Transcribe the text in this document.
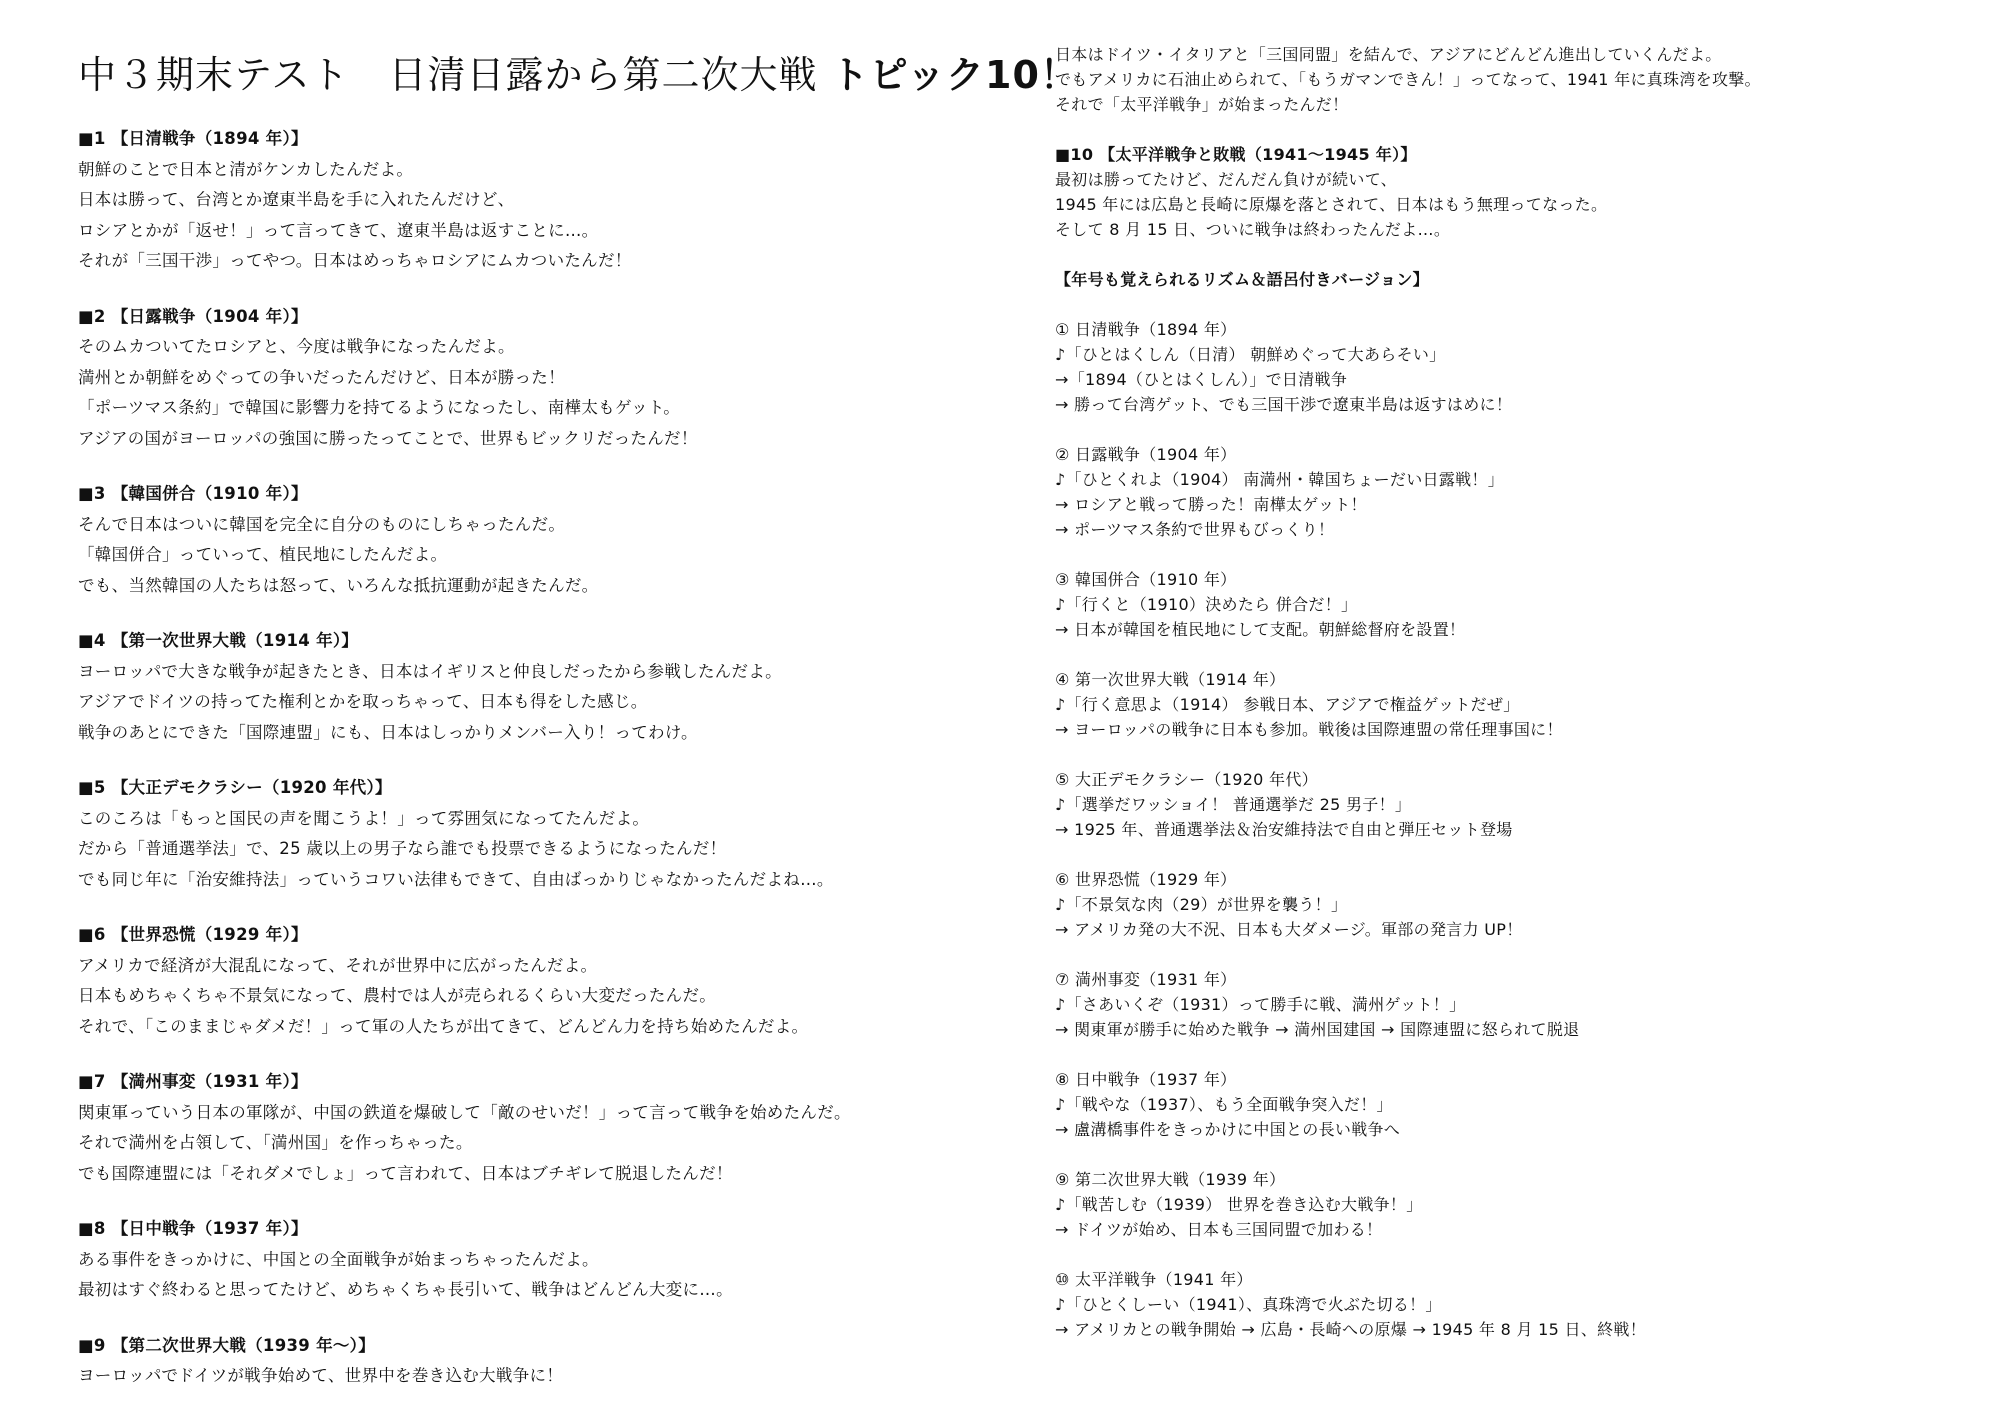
中３期末テスト　日清日露から第二次大戦 トピック10！
■1 【日清戦争（1894 年）】
朝鮮のことで日本と清がケンカしたんだよ。
日本は勝って、台湾とか遼東半島を手に入れたんだけど、
ロシアとかが「返せ！」って言ってきて、遼東半島は返すことに…。
それが「三国干渉」ってやつ。日本はめっちゃロシアにムカついたんだ！
■2 【日露戦争（1904 年）】
そのムカついてたロシアと、今度は戦争になったんだよ。
満州とか朝鮮をめぐっての争いだったんだけど、日本が勝った！
「ポーツマス条約」で韓国に影響力を持てるようになったし、南樺太もゲット。
アジアの国がヨーロッパの強国に勝ったってことで、世界もビックリだったんだ！
■3 【韓国併合（1910 年）】
そんで日本はついに韓国を完全に自分のものにしちゃったんだ。
「韓国併合」っていって、植民地にしたんだよ。
でも、当然韓国の人たちは怒って、いろんな抵抗運動が起きたんだ。
■4 【第一次世界大戦（1914 年）】
ヨーロッパで大きな戦争が起きたとき、日本はイギリスと仲良しだったから参戦したんだよ。
アジアでドイツの持ってた権利とかを取っちゃって、日本も得をした感じ。
戦争のあとにできた「国際連盟」にも、日本はしっかりメンバー入り！ってわけ。
■5 【大正デモクラシー（1920 年代）】
このころは「もっと国民の声を聞こうよ！」って雰囲気になってたんだよ。
だから「普通選挙法」で、25 歳以上の男子なら誰でも投票できるようになったんだ！
でも同じ年に「治安維持法」っていうコワい法律もできて、自由ばっかりじゃなかったんだよね…。
■6 【世界恐慌（1929 年）】
アメリカで経済が大混乱になって、それが世界中に広がったんだよ。
日本もめちゃくちゃ不景気になって、農村では人が売られるくらい大変だったんだ。
それで、「このままじゃダメだ！」って軍の人たちが出てきて、どんどん力を持ち始めたんだよ。
■7 【満州事変（1931 年）】
関東軍っていう日本の軍隊が、中国の鉄道を爆破して「敵のせいだ！」って言って戦争を始めたんだ。
それで満州を占領して、「満州国」を作っちゃった。
でも国際連盟には「それダメでしょ」って言われて、日本はブチギレて脱退したんだ！
■8 【日中戦争（1937 年）】
ある事件をきっかけに、中国との全面戦争が始まっちゃったんだよ。
最初はすぐ終わると思ってたけど、めちゃくちゃ長引いて、戦争はどんどん大変に…。
■9 【第二次世界大戦（1939 年～）】
ヨーロッパでドイツが戦争始めて、世界中を巻き込む大戦争に！
日本はドイツ・イタリアと「三国同盟」を結んで、アジアにどんどん進出していくんだよ。
でもアメリカに石油止められて、「もうガマンできん！」ってなって、1941 年に真珠湾を攻撃。
それで「太平洋戦争」が始まったんだ！
■10 【太平洋戦争と敗戦（1941～1945 年）】
最初は勝ってたけど、だんだん負けが続いて、
1945 年には広島と長崎に原爆を落とされて、日本はもう無理ってなった。
そして 8 月 15 日、ついに戦争は終わったんだよ…。
【年号も覚えられるリズム＆語呂付きバージョン】
① 日清戦争（1894 年）
♪「ひとはくしん（日清） 朝鮮めぐって大あらそい」
→「1894（ひとはくしん）」で日清戦争
→ 勝って台湾ゲット、でも三国干渉で遼東半島は返すはめに！
② 日露戦争（1904 年）
♪「ひとくれよ（1904） 南満州・韓国ちょーだい日露戦！」
→ ロシアと戦って勝った！南樺太ゲット！
→ ポーツマス条約で世界もびっくり！
③ 韓国併合（1910 年）
♪「行くと（1910）決めたら 併合だ！」
→ 日本が韓国を植民地にして支配。朝鮮総督府を設置！
④ 第一次世界大戦（1914 年）
♪「行く意思よ（1914） 参戦日本、アジアで権益ゲットだぜ」
→ ヨーロッパの戦争に日本も参加。戦後は国際連盟の常任理事国に！
⑤ 大正デモクラシー（1920 年代）
♪「選挙だワッショイ！ 普通選挙だ 25 男子！」
→ 1925 年、普通選挙法＆治安維持法で自由と弾圧セット登場
⑥ 世界恐慌（1929 年）
♪「不景気な肉（29）が世界を襲う！」
→ アメリカ発の大不況、日本も大ダメージ。軍部の発言力 UP！
⑦ 満州事変（1931 年）
♪「さあいくぞ（1931）って勝手に戦、満州ゲット！」
→ 関東軍が勝手に始めた戦争 → 満州国建国 → 国際連盟に怒られて脱退
⑧ 日中戦争（1937 年）
♪「戦やな（1937）、もう全面戦争突入だ！」
→ 盧溝橋事件をきっかけに中国との長い戦争へ
⑨ 第二次世界大戦（1939 年）
♪「戦苦しむ（1939） 世界を巻き込む大戦争！」
→ ドイツが始め、日本も三国同盟で加わる！
⑩ 太平洋戦争（1941 年）
♪「ひとくしーい（1941）、真珠湾で火ぶた切る！」
→ アメリカとの戦争開始 → 広島・長崎への原爆 → 1945 年 8 月 15 日、終戦！
